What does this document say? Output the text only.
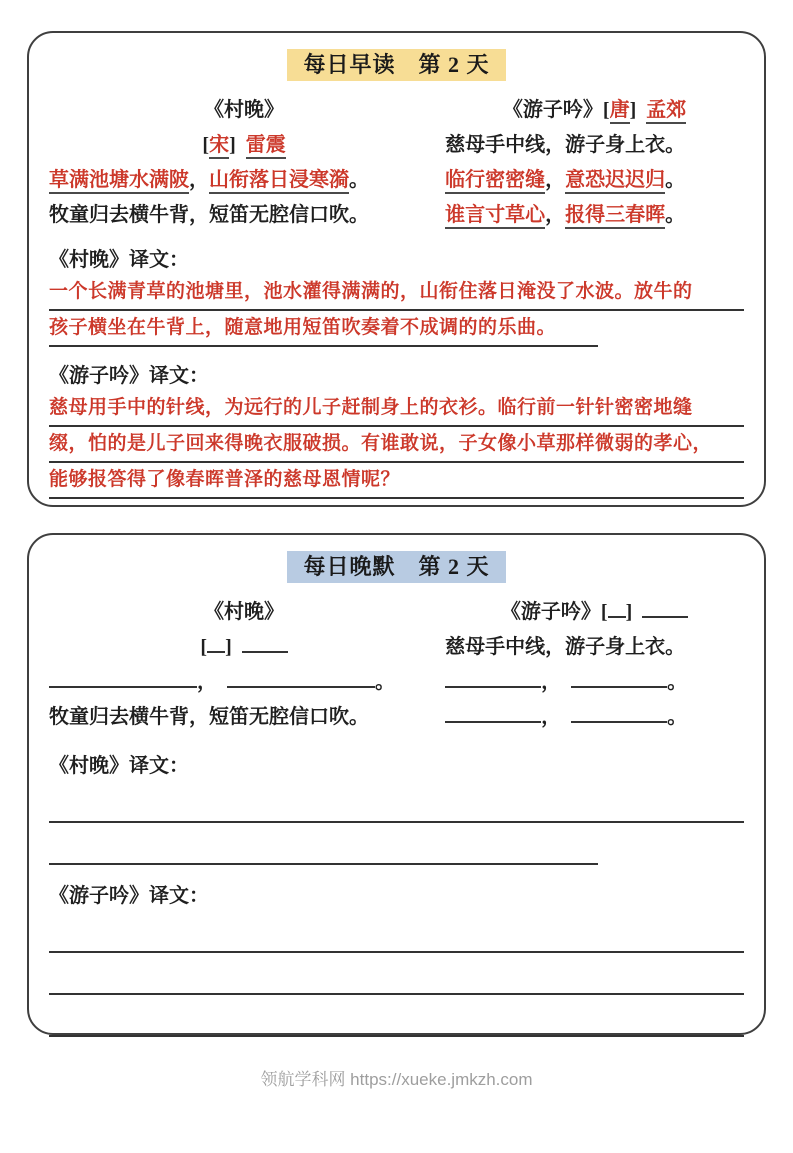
每日早读　第 2 天
《村晚》
[宋] 雷震
草满池塘水满陂，山衔落日浸寒漪。
牧童归去横牛背，短笛无腔信口吹。
《游子吟》[唐] 孟郊
慈母手中线，游子身上衣。
临行密密缝，意恐迟迟归。
谁言寸草心，报得三春晖。
《村晚》译文：
一个长满青草的池塘里，池水灌得满满的，山衔住落日淹没了水波。放牛的
孩子横坐在牛背上，随意地用短笛吹奏着不成调的的乐曲。
《游子吟》译文：
慈母用手中的针线，为远行的儿子赶制身上的衣衫。临行前一针针密密地缝
缀，怕的是儿子回来得晚衣服破损。有谁敢说，子女像小草那样微弱的孝心，
能够报答得了像春晖普泽的慈母恩情呢？
每日晚默　第 2 天
《村晚》
[ ]
，	。
牧童归去横牛背，短笛无腔信口吹。
《游子吟》[ ]
慈母手中线，游子身上衣。
，	。
，	。
《村晚》译文：
《游子吟》译文：
领航学科网 https://xueke.jmkzh.com
